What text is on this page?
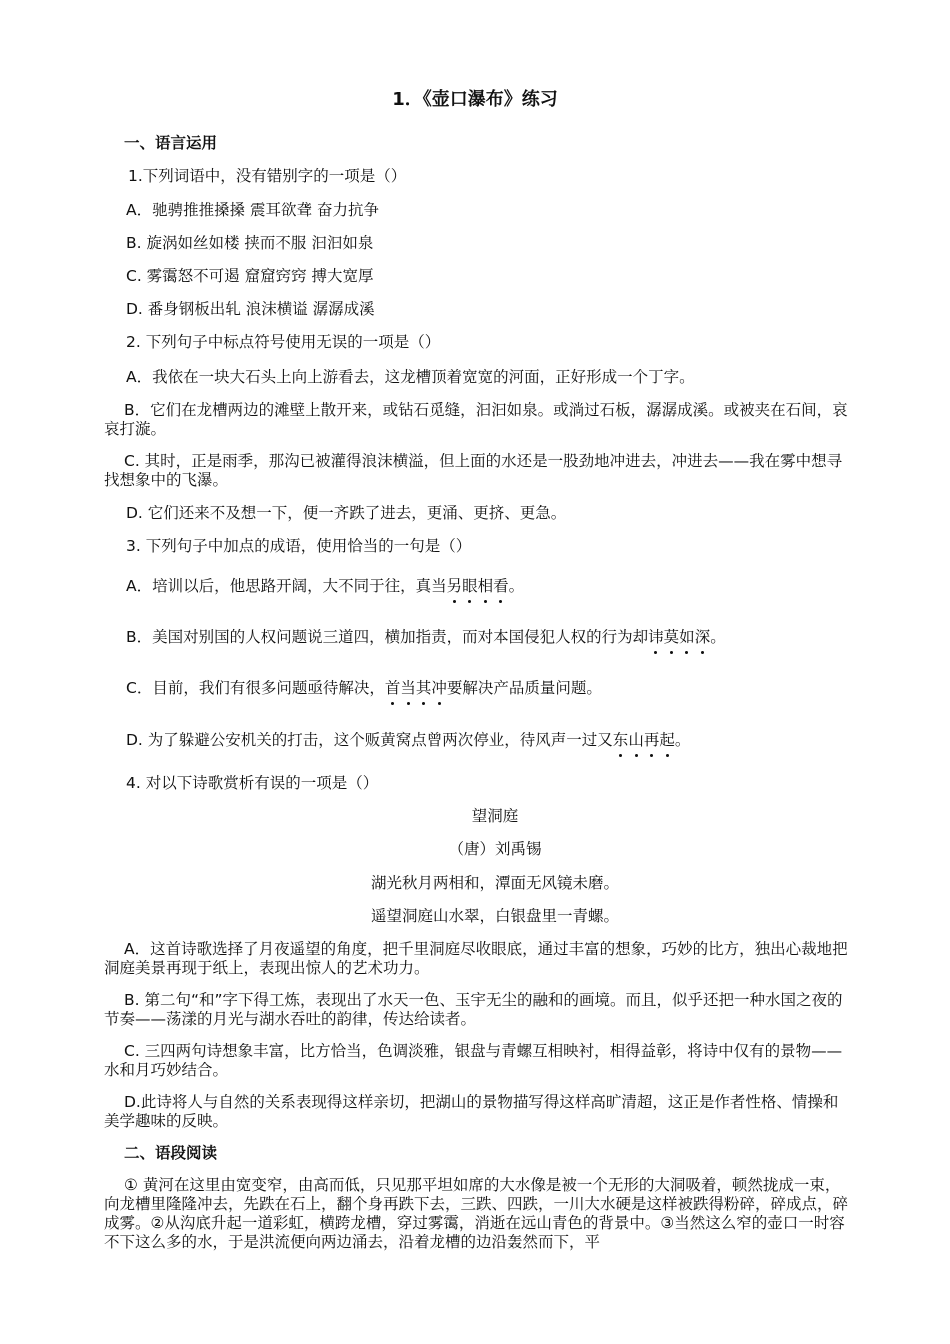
1．《壶口瀑布》练习
一、语言运用
1.下列词语中，没有错别字的一项是（）
A．驰骋推推搡搡 震耳欲聋 奋力抗争
B. 旋涡如丝如楼 挟而不服 汩汩如泉
C. 雾霭怒不可遏 窟窟窍窍 搏大宽厚
D. 番身钢板出轧 浪沫横谥 潺潺成溪
2. 下列句子中标点符号使用无误的一项是（）
A．我依在一块大石头上向上游看去，这龙槽顶着宽宽的河面，正好形成一个丁字。
B．它们在龙槽两边的滩壁上散开来，或钻石觅缝，汩汩如泉。或淌过石板，潺潺成溪。或被夹在石间，哀哀打漩。
C. 其时，正是雨季，那沟已被灌得浪沫横溢，但上面的水还是一股劲地冲进去，冲进去——我在雾中想寻找想象中的飞瀑。
D. 它们还来不及想一下，便一齐跌了进去，更涌、更挤、更急。
3. 下列句子中加点的成语，使用恰当的一句是（）
A．培训以后，他思路开阔，大不同于往，真当另眼相看。
B．美国对别国的人权问题说三道四，横加指责，而对本国侵犯人权的行为却讳莫如深。
C．目前，我们有很多问题亟待解决，首当其冲要解决产品质量问题。
D. 为了躲避公安机关的打击，这个贩黄窝点曾两次停业，待风声一过又东山再起。
4. 对以下诗歌赏析有误的一项是（）
望洞庭
（唐）刘禹锡
湖光秋月两相和，潭面无风镜未磨。
遥望洞庭山水翠，白银盘里一青螺。
A．这首诗歌选择了月夜遥望的角度，把千里洞庭尽收眼底，通过丰富的想象，巧妙的比方，独出心裁地把洞庭美景再现于纸上，表现出惊人的艺术功力。
B. 第二句“和”字下得工炼，表现出了水天一色、玉宇无尘的融和的画境。而且，似乎还把一种水国之夜的节奏——荡漾的月光与湖水吞吐的韵律，传达给读者。
C. 三四两句诗想象丰富，比方恰当，色调淡雅，银盘与青螺互相映衬，相得益彰，将诗中仅有的景物——水和月巧妙结合。
D.此诗将人与自然的关系表现得这样亲切，把湖山的景物描写得这样高旷清超，这正是作者性格、情操和美学趣味的反映。
二、语段阅读
① 黄河在这里由宽变窄，由高而低，只见那平坦如席的大水像是被一个无形的大洞吸着，顿然拢成一束，向龙槽里隆隆冲去，先跌在石上，翻个身再跌下去，三跌、四跌，一川大水硬是这样被跌得粉碎，碎成点，碎成雾。②从沟底升起一道彩虹，横跨龙槽，穿过雾霭，消逝在远山青色的背景中。③当然这么窄的壶口一时容不下这么多的水，于是洪流便向两边涌去，沿着龙槽的边沿轰然而下，平
